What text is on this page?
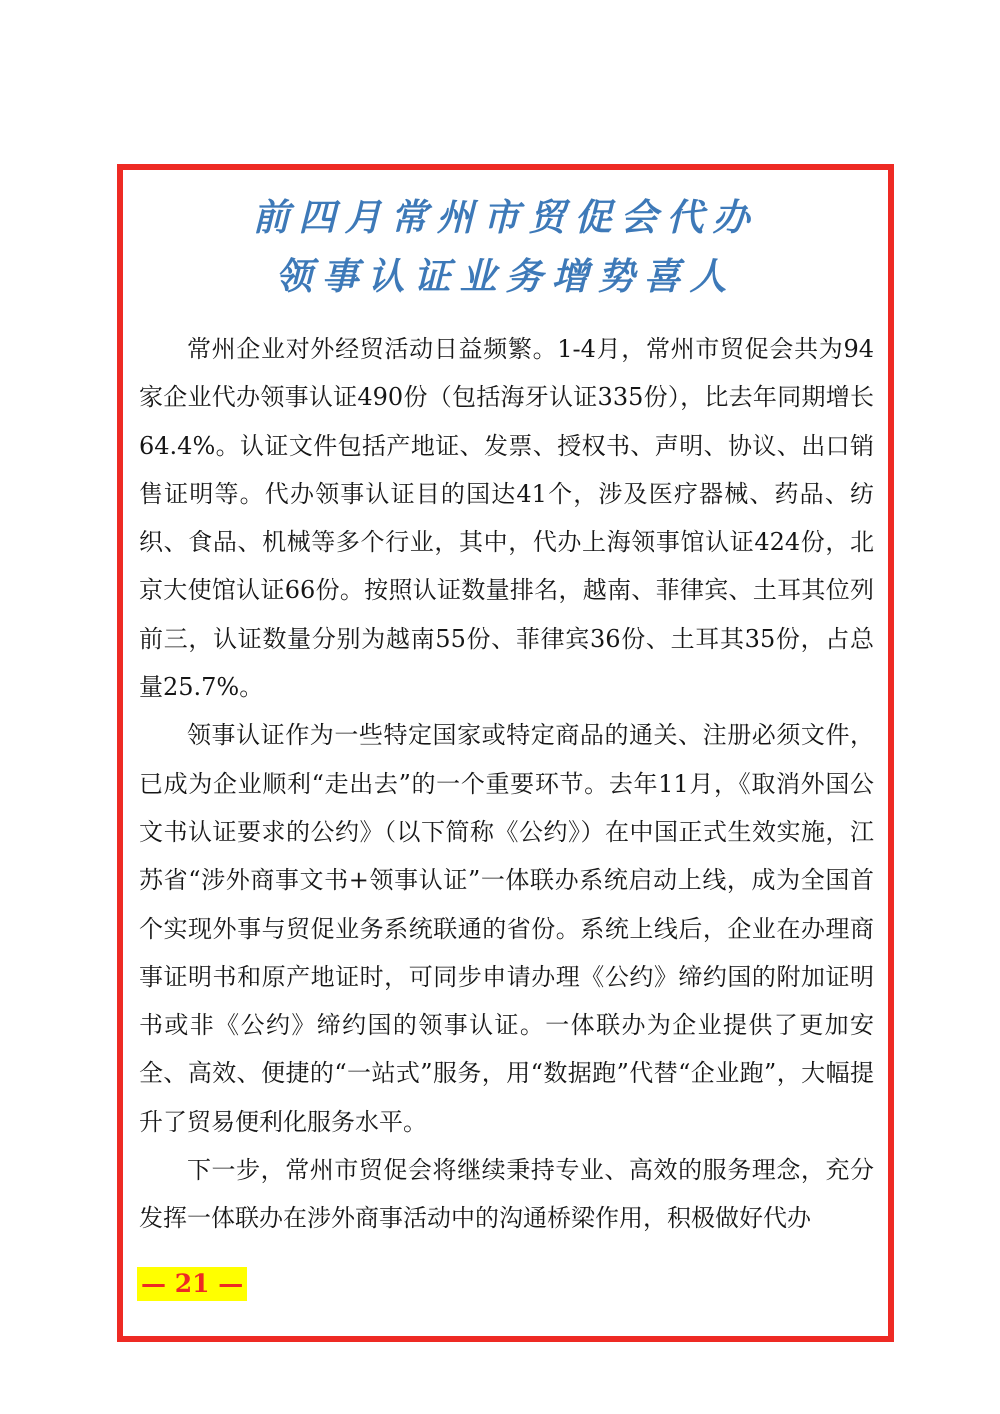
前四月常州市贸促会代办
领事认证业务增势喜人

常州企业对外经贸活动日益频繁。1-4月，常州市贸促会共为94家企业代办领事认证490份（包括海牙认证335份），比去年同期增长64.4%。认证文件包括产地证、发票、授权书、声明、协议、出口销售证明等。代办领事认证目的国达41个，涉及医疗器械、药品、纺织、食品、机械等多个行业，其中，代办上海领事馆认证424份，北京大使馆认证66份。按照认证数量排名，越南、菲律宾、土耳其位列前三，认证数量分别为越南55份、菲律宾36份、土耳其35份，占总量25.7%。

领事认证作为一些特定国家或特定商品的通关、注册必须文件，已成为企业顺利“走出去”的一个重要环节。去年11月，《取消外国公文书认证要求的公约》（以下简称《公约》）在中国正式生效实施，江苏省“涉外商事文书+领事认证”一体联办系统启动上线，成为全国首个实现外事与贸促业务系统联通的省份。系统上线后，企业在办理商事证明书和原产地证时，可同步申请办理《公约》缔约国的附加证明书或非《公约》缔约国的领事认证。一体联办为企业提供了更加安全、高效、便捷的“一站式”服务，用“数据跑”代替“企业跑”，大幅提升了贸易便利化服务水平。

下一步，常州市贸促会将继续秉持专业、高效的服务理念，充分发挥一体联办在涉外商事活动中的沟通桥梁作用，积极做好代办

— 21 —
